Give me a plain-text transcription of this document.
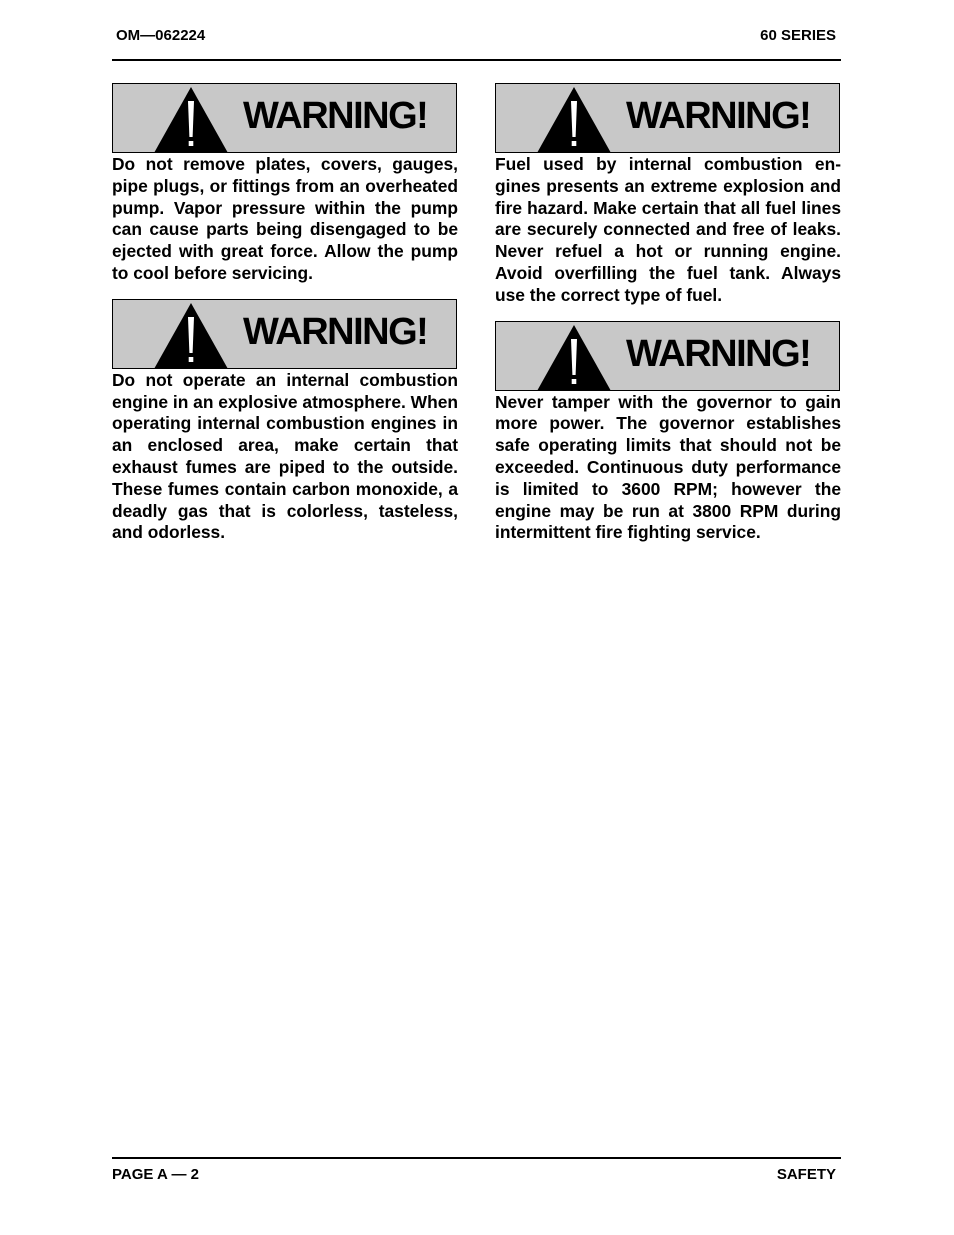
OM—062224	60 SERIES
WARNING!

Do not remove plates, covers, gauges, pipe plugs, or fittings from an overheated pump. Vapor pressure within the pump can cause parts being disengaged to be ejected with great force. Allow the pump to cool before servicing.

WARNING!

Do not operate an internal combustion engine in an explosive atmosphere. When operating internal combustion engines in an enclosed area, make certain that exhaust fumes are piped to the outside. These fumes contain carbon monoxide, a deadly gas that is colorless, tasteless, and odorless.

WARNING!

Fuel used by internal combustion engines presents an extreme explosion and fire hazard. Make certain that all fuel lines are securely connected and free of leaks. Never refuel a hot or running engine. Avoid overfilling the fuel tank. Always use the correct type of fuel.

WARNING!

Never tamper with the governor to gain more power. The governor establishes safe operating limits that should not be exceeded. Continuous duty performance is limited to 3600 RPM; however the engine may be run at 3800 RPM during intermittent fire fighting service.

PAGE A — 2	SAFETY
